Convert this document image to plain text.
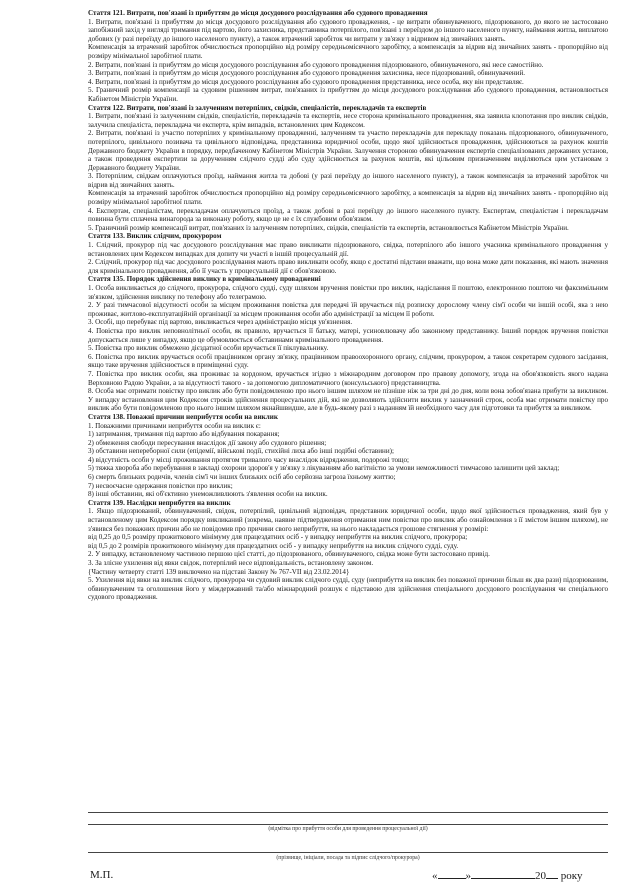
Стаття 121. Витрати, пов'язані із прибуттям до місця досудового розслідування або судового провадження
1. Витрати, пов'язані із прибуттям до місця досудового розслідування або судового провадження, - це витрати обвинуваченого, підозрюваного, до якого не застосовано запобіжний захід у вигляді тримання під вартою, його захисника, представника потерпілого, пов'язані з переїздом до іншого населеного пункту, наймання житла, виплатою добових (у разі переїзду до іншого населеного пункту), а також втрачений заробіток чи витрати у зв'язку з відривом від звичайних занять.
Компенсація за втрачений заробіток обчислюється пропорційно від розміру середньомісячного заробітку, а компенсація за відрив від звичайних занять - пропорційно від розміру мінімальної заробітної плати.
2. Витрати, пов'язані із прибуттям до місця досудового розслідування або судового провадження підозрюваного, обвинуваченого, які несе самостійно.
3. Витрати, пов'язані із прибуттям до місця досудового розслідування або судового провадження захисника, несе підозрюваний, обвинувачений.
4. Витрати, пов'язані із прибуттям до місця досудового розслідування або судового провадження представника, несе особа, яку він представляє.
5. Граничний розмір компенсації за судовим рішенням витрат, пов'язаних із прибуттям до місця досудового розслідування або судового провадження, встановлюється Кабінетом Міністрів України.
Стаття 122. Витрати, пов'язані із залученням потерпілих, свідків, спеціалістів, перекладачів та експертів
1. Витрати, пов'язані із залученням свідків, спеціалістів, перекладачів та експертів, несе сторона кримінального провадження, яка заявила клопотання про виклик свідків, залучила спеціаліста, перекладача чи експерта, крім випадків, встановлених цим Кодексом.
2. Витрати, пов'язані із участю потерпілих у кримінальному провадженні, залученням та участю перекладачів для перекладу показань підозрюваного, обвинуваченого, потерпілого, цивільного позивача та цивільного відповідача, представника юридичної особи, щодо якої здійснюється провадження, здійснюються за рахунок коштів Державного бюджету України в порядку, передбаченому Кабінетом Міністрів України. Залучення стороною обвинувачення експертів спеціалізованих державних установ, а також проведення експертизи за дорученням слідчого судді або суду здійснюється за рахунок коштів, які цільовим призначенням виділяються цим установам з Державного бюджету України.
3. Потерпілим, свідкам оплачуються проїзд, наймання житла та добові (у разі переїзду до іншого населеного пункту), а також компенсація за втрачений заробіток чи відрив від звичайних занять.
Компенсація за втрачений заробіток обчислюється пропорційно від розміру середньомісячного заробітку, а компенсація за відрив від звичайних занять - пропорційно від розміру мінімальної заробітної плати.
4. Експертам, спеціалістам, перекладачам оплачуються проїзд, а також добові в разі переїзду до іншого населеного пункту. Експертам, спеціалістам і перекладачам повинна бути сплачена винагорода за виконану роботу, якщо це не є їх службовим обов'язком.
5. Граничний розмір компенсації витрат, пов'язаних із залученням потерпілих, свідків, спеціалістів та експертів, встановлюється Кабінетом Міністрів України.
Стаття 133. Виклик слідчим, прокурором
1. Слідчий, прокурор під час досудового розслідування має право викликати підозрюваного, свідка, потерпілого або іншого учасника кримінального провадження у встановлених цим Кодексом випадках для допиту чи участі в іншій процесуальній дії.
2. Слідчий, прокурор під час досудового розслідування мають право викликати особу, якщо є достатні підстави вважати, що вона може дати показання, які мають значення для кримінального провадження, або її участь у процесуальній дії є обов'язковою.
Стаття 135. Порядок здійснення виклику в кримінальному провадженні
1. Особа викликається до слідчого, прокурора, слідчого судді, суду шляхом вручення повістки про виклик, надіслання її поштою, електронною поштою чи факсимільним зв'язком, здійснення виклику по телефону або телеграмою.
2. У разі тимчасової відсутності особи за місцем проживання повістка для передачі їй вручається під розписку дорослому члену сім'ї особи чи іншій особі, яка з нею проживає, житлово-експлуатаційній організації за місцем проживання особи або адміністрації за місцем її роботи.
3. Особі, що перебуває під вартою, викликається через адміністрацію місця ув'язнення.
4. Повістка про виклик неповнолітньої особи, як правило, вручається її батьку, матері, усиновлювачу або законному представнику. Інший порядок вручення повістки допускається лише у випадку, якщо це обумовлюється обставинами кримінального провадження.
5. Повістка про виклик обмежено дієздатної особи вручається її піклувальнику.
6. Повістка про виклик вручається особі працівником органу зв'язку, працівником правоохоронного органу, слідчим, прокурором, а також секретарем судового засідання, якщо таке вручення здійснюється в приміщенні суду.
7. Повістка про виклик особи, яка проживає за кордоном, вручається згідно з міжнародним договором про правову допомогу, згода на обов'язковість якого надана Верховною Радою України, а за відсутності такого - за допомогою дипломатичного (консульського) представництва.
8. Особа має отримати повістку про виклик або бути повідомленою про нього іншим шляхом не пізніше ніж за три дні до дня, коли вона зобов'язана прибути за викликом. У випадку встановлення цим Кодексом строків здійснення процесуальних дій, які не дозволяють здійснити виклик у зазначений строк, особа має отримати повістку про виклик або бути повідомленою про нього іншим шляхом якнайшвидше, але в будь-якому разі з наданням їй необхідного часу для підготовки та прибуття за викликом.
Стаття 138. Поважні причини неприбуття особи на виклик
1. Поважними причинами неприбуття особи на виклик є:
1) затримання, тримання під вартою або відбування покарання;
2) обмеження свободи пересування внаслідок дії закону або судового рішення;
3) обставини непереборної сили (епідемії, військові події, стихійні лиха або інші подібні обставини);
4) відсутність особи у місці проживання протягом тривалого часу внаслідок відрядження, подорожі тощо;
5) тяжка хвороба або перебування в закладі охорони здоров'я у зв'язку з лікуванням або вагітністю за умови неможливості тимчасово залишити цей заклад;
6) смерть близьких родичів, членів сім'ї чи інших близьких осіб або серйозна загроза їхньому життю;
7) несвоєчасне одержання повістки про виклик;
8) інші обставини, які об'єктивно унеможливлюють з'явлення особи на виклик.
Стаття 139. Наслідки неприбуття на виклик
1. Якщо підозрюваний, обвинувачений, свідок, потерпілий, цивільний відповідач, представник юридичної особи, щодо якої здійснюється провадження, який був у встановленому цим Кодексом порядку викликаний (зокрема, наявне підтвердження отримання ним повістки про виклик або ознайомлення з її змістом іншим шляхом), не з'явився без поважних причин або не повідомив про причини свого неприбуття, на нього накладається грошове стягнення у розмірі:
від 0,25 до 0,5 розміру прожиткового мінімуму для працездатних осіб - у випадку неприбуття на виклик слідчого, прокурора;
від 0,5 до 2 розмірів прожиткового мінімуму для працездатних осіб - у випадку неприбуття на виклик слідчого судді, суду.
2. У випадку, встановленому частиною першою цієї статті, до підозрюваного, обвинуваченого, свідка може бути застосовано привід.
3. За злісне ухилення від явки свідок, потерпілий несе відповідальність, встановлену законом.
{Частину четверту статті 139 виключено на підставі Закону № 767-VII від 23.02.2014}
5. Ухилення від явки на виклик слідчого, прокурора чи судовий виклик слідчого судді, суду (неприбуття на виклик без поважної причини більш як два рази) підозрюваним, обвинуваченим та оголошення його у міждержавний та/або міжнародний розшук є підставою для здійснення спеціального досудового розслідування чи спеціального судового провадження.
(відмітка про прибуття особи для проведення процесуальної дії)
(прізвище, ініціали, посада та підпис слідчого/прокурора)
М.П.	«	»	20 року
